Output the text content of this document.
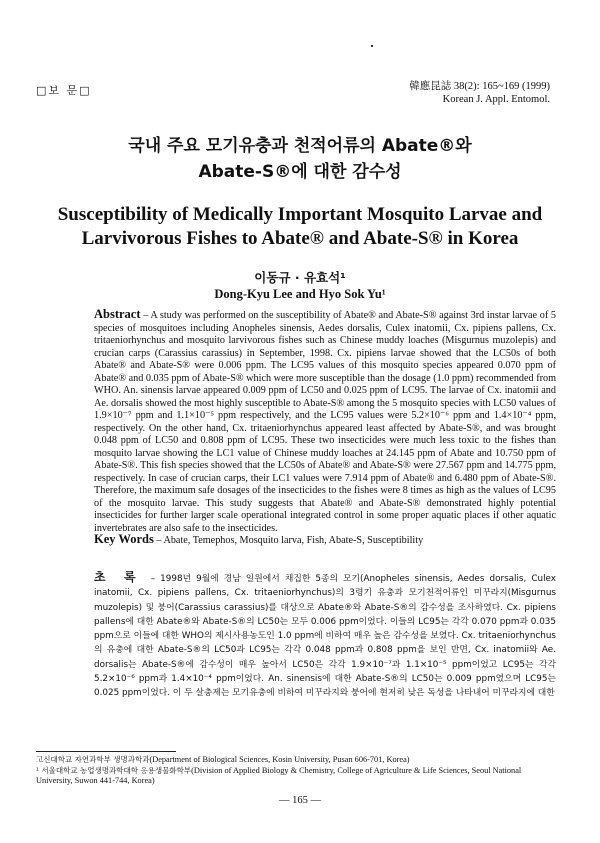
□보 문□	韓應昆誌 38(2): 165~169 (1999)
Korean J. Appl. Entomol.
국내 주요 모기유충과 천적어류의 Abate®와
Abate-S®에 대한 감수성
Susceptibility of Medically Important Mosquito Larvae and
Larvivorous Fishes to Abate® and Abate-S® in Korea
이동규 · 유효석¹
Dong-Kyu Lee and Hyo Sok Yu¹
Abstract – A study was performed on the susceptibility of Abate® and Abate-S® against 3rd instar larvae of 5 species of mosquitoes including Anopheles sinensis, Aedes dorsalis, Culex inatomii, Cx. pipiens pallens, Cx. tritaeniorhynchus and mosquito larvivorous fishes such as Chinese muddy loaches (Misgurnus muzolepis) and crucian carps (Carassius carassius) in September, 1998. Cx. pipiens larvae showed that the LC50s of both Abate® and Abate-S® were 0.006 ppm. The LC95 values of this mosquito species appeared 0.070 ppm of Abate® and 0.035 ppm of Abate-S® which were more susceptible than the dosage (1.0 ppm) recommended from WHO. An. sinensis larvae appeared 0.009 ppm of LC50 and 0.025 ppm of LC95. The larvae of Cx. inatomii and Ae. dorsalis showed the most highly susceptible to Abate-S® among the 5 mosquito species with LC50 values of 1.9×10⁻⁷ ppm and 1.1×10⁻⁵ ppm respectively, and the LC95 values were 5.2×10⁻⁶ ppm and 1.4×10⁻⁴ ppm, respectively. On the other hand, Cx. tritaeniorhynchus appeared least affected by Abate-S®, and was brought 0.048 ppm of LC50 and 0.808 ppm of LC95. These two insecticides were much less toxic to the fishes than mosquito larvae showing the LC1 value of Chinese muddy loaches at 24.145 ppm of Abate and 10.750 ppm of Abate-S®. This fish species showed that the LC50s of Abate® and Abate-S® were 27.567 ppm and 14.775 ppm, respectively. In case of crucian carps, their LC1 values were 7.914 ppm of Abate® and 6.480 ppm of Abate-S®. Therefore, the maximum safe dosages of the insecticides to the fishes were 8 times as high as the values of LC95 of the mosquito larvae. This study suggests that Abate® and Abate-S® demonstrated highly potential insecticides for further larger scale operational integrated control in some proper aquatic places if other aquatic invertebrates are also safe to the insecticides.
Key Words – Abate, Temephos, Mosquito larva, Fish, Abate-S, Susceptibility
초 록 – 1998년 9월에 경남 일원에서 채집한 5종의 모기(Anopheles sinensis, Aedes dorsalis, Culex inatomii, Cx. pipiens pallens, Cx. tritaeniorhynchus)의 3령기 유충과 모기천적어류인 미꾸라지(Misgurnus muzolepis) 및 붕어(Carassius carassius)를 대상으로 Abate®와 Abate-S®의 감수성을 조사하였다. Cx. pipiens pallens에 대한 Abate®와 Abate-S®의 LC50는 모두 0.006 ppm이었다. 이들의 LC95는 각각 0.070 ppm과 0.035 ppm으로 이들에 대한 WHO의 제시사용농도인 1.0 ppm에 비하여 매우 높은 감수성을 보였다. Cx. tritaeniorhynchus의 유충에 대한 Abate-S®의 LC50과 LC95는 각각 0.048 ppm과 0.808 ppm을 보인 반면, Cx. inatomii와 Ae. dorsalis는 Abate-S®에 감수성이 매우 높아서 LC50은 각각 1.9×10⁻⁷과 1.1×10⁻⁵ ppm이었고 LC95는 각각 5.2×10⁻⁶ ppm과 1.4×10⁻⁴ ppm이었다. An. sinensis에 대한 Abate-S®의 LC50는 0.009 ppm였으며 LC95는 0.025 ppm이었다. 이 두 살충제는 모기유충에 비하여 미꾸라지와 붕어에 현저히 낮은 독성을 나타내어 미꾸라지에 대한
고신대학교 자연과학부 생명과학과(Department of Biological Sciences, Kosin University, Pusan 606-701, Korea)
¹ 서울대학교 농업생명과학대학 응용생물화학부(Division of Applied Biology & Chemistry, College of Agriculture & Life Sciences, Seoul National University, Suwon 441-744, Korea)
— 165 —
